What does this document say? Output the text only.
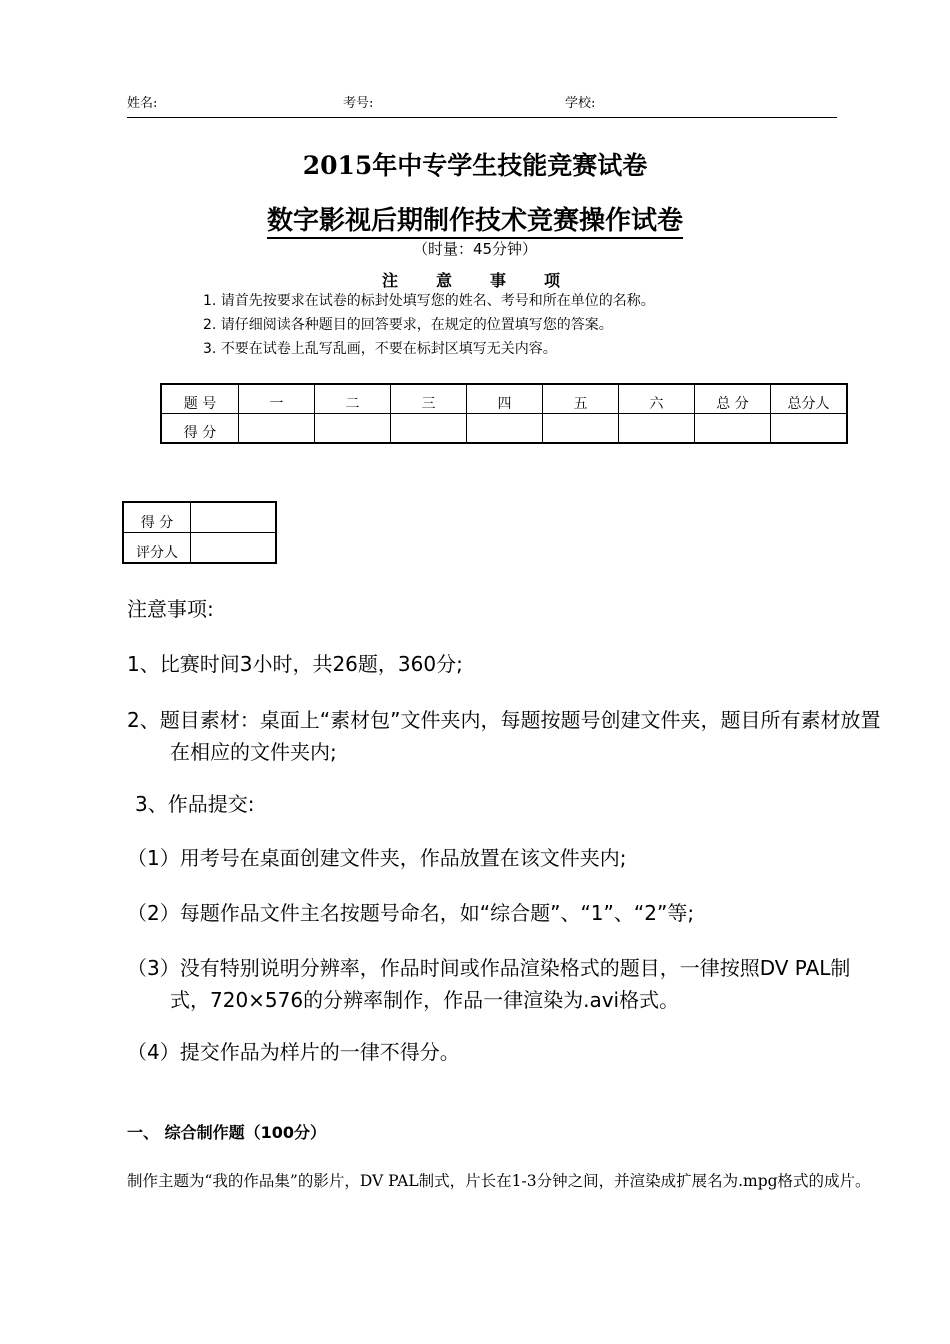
姓名:	考号:	学校:
2015年中专学生技能竞赛试卷
数字影视后期制作技术竞赛操作试卷
（时量：45分钟）
注意事项
1. 请首先按要求在试卷的标封处填写您的姓名、考号和所在单位的名称。
2. 请仔细阅读各种题目的回答要求，在规定的位置填写您的答案。
3. 不要在试卷上乱写乱画，不要在标封区填写无关内容。
题 号	一	二	三	四	五	六	总 分	总分人
得 分								
得 分	
评分人	
注意事项:
1、比赛时间3小时，共26题，360分;
2、题目素材：桌面上“素材包”文件夹内，每题按题号创建文件夹，题目所有素材放置在相应的文件夹内;
3、作品提交:
（1）用考号在桌面创建文件夹，作品放置在该文件夹内;
（2）每题作品文件主名按题号命名，如“综合题”、“1”、“2”等;
（3）没有特别说明分辨率，作品时间或作品渲染格式的题目，一律按照DV PAL制式，720×576的分辨率制作，作品一律渲染为.avi格式。
（4）提交作品为样片的一律不得分。
一、 综合制作题（100分）
制作主题为“我的作品集”的影片，DV PAL制式，片长在1-3分钟之间，并渲染成扩展名为.mpg格式的成片。
